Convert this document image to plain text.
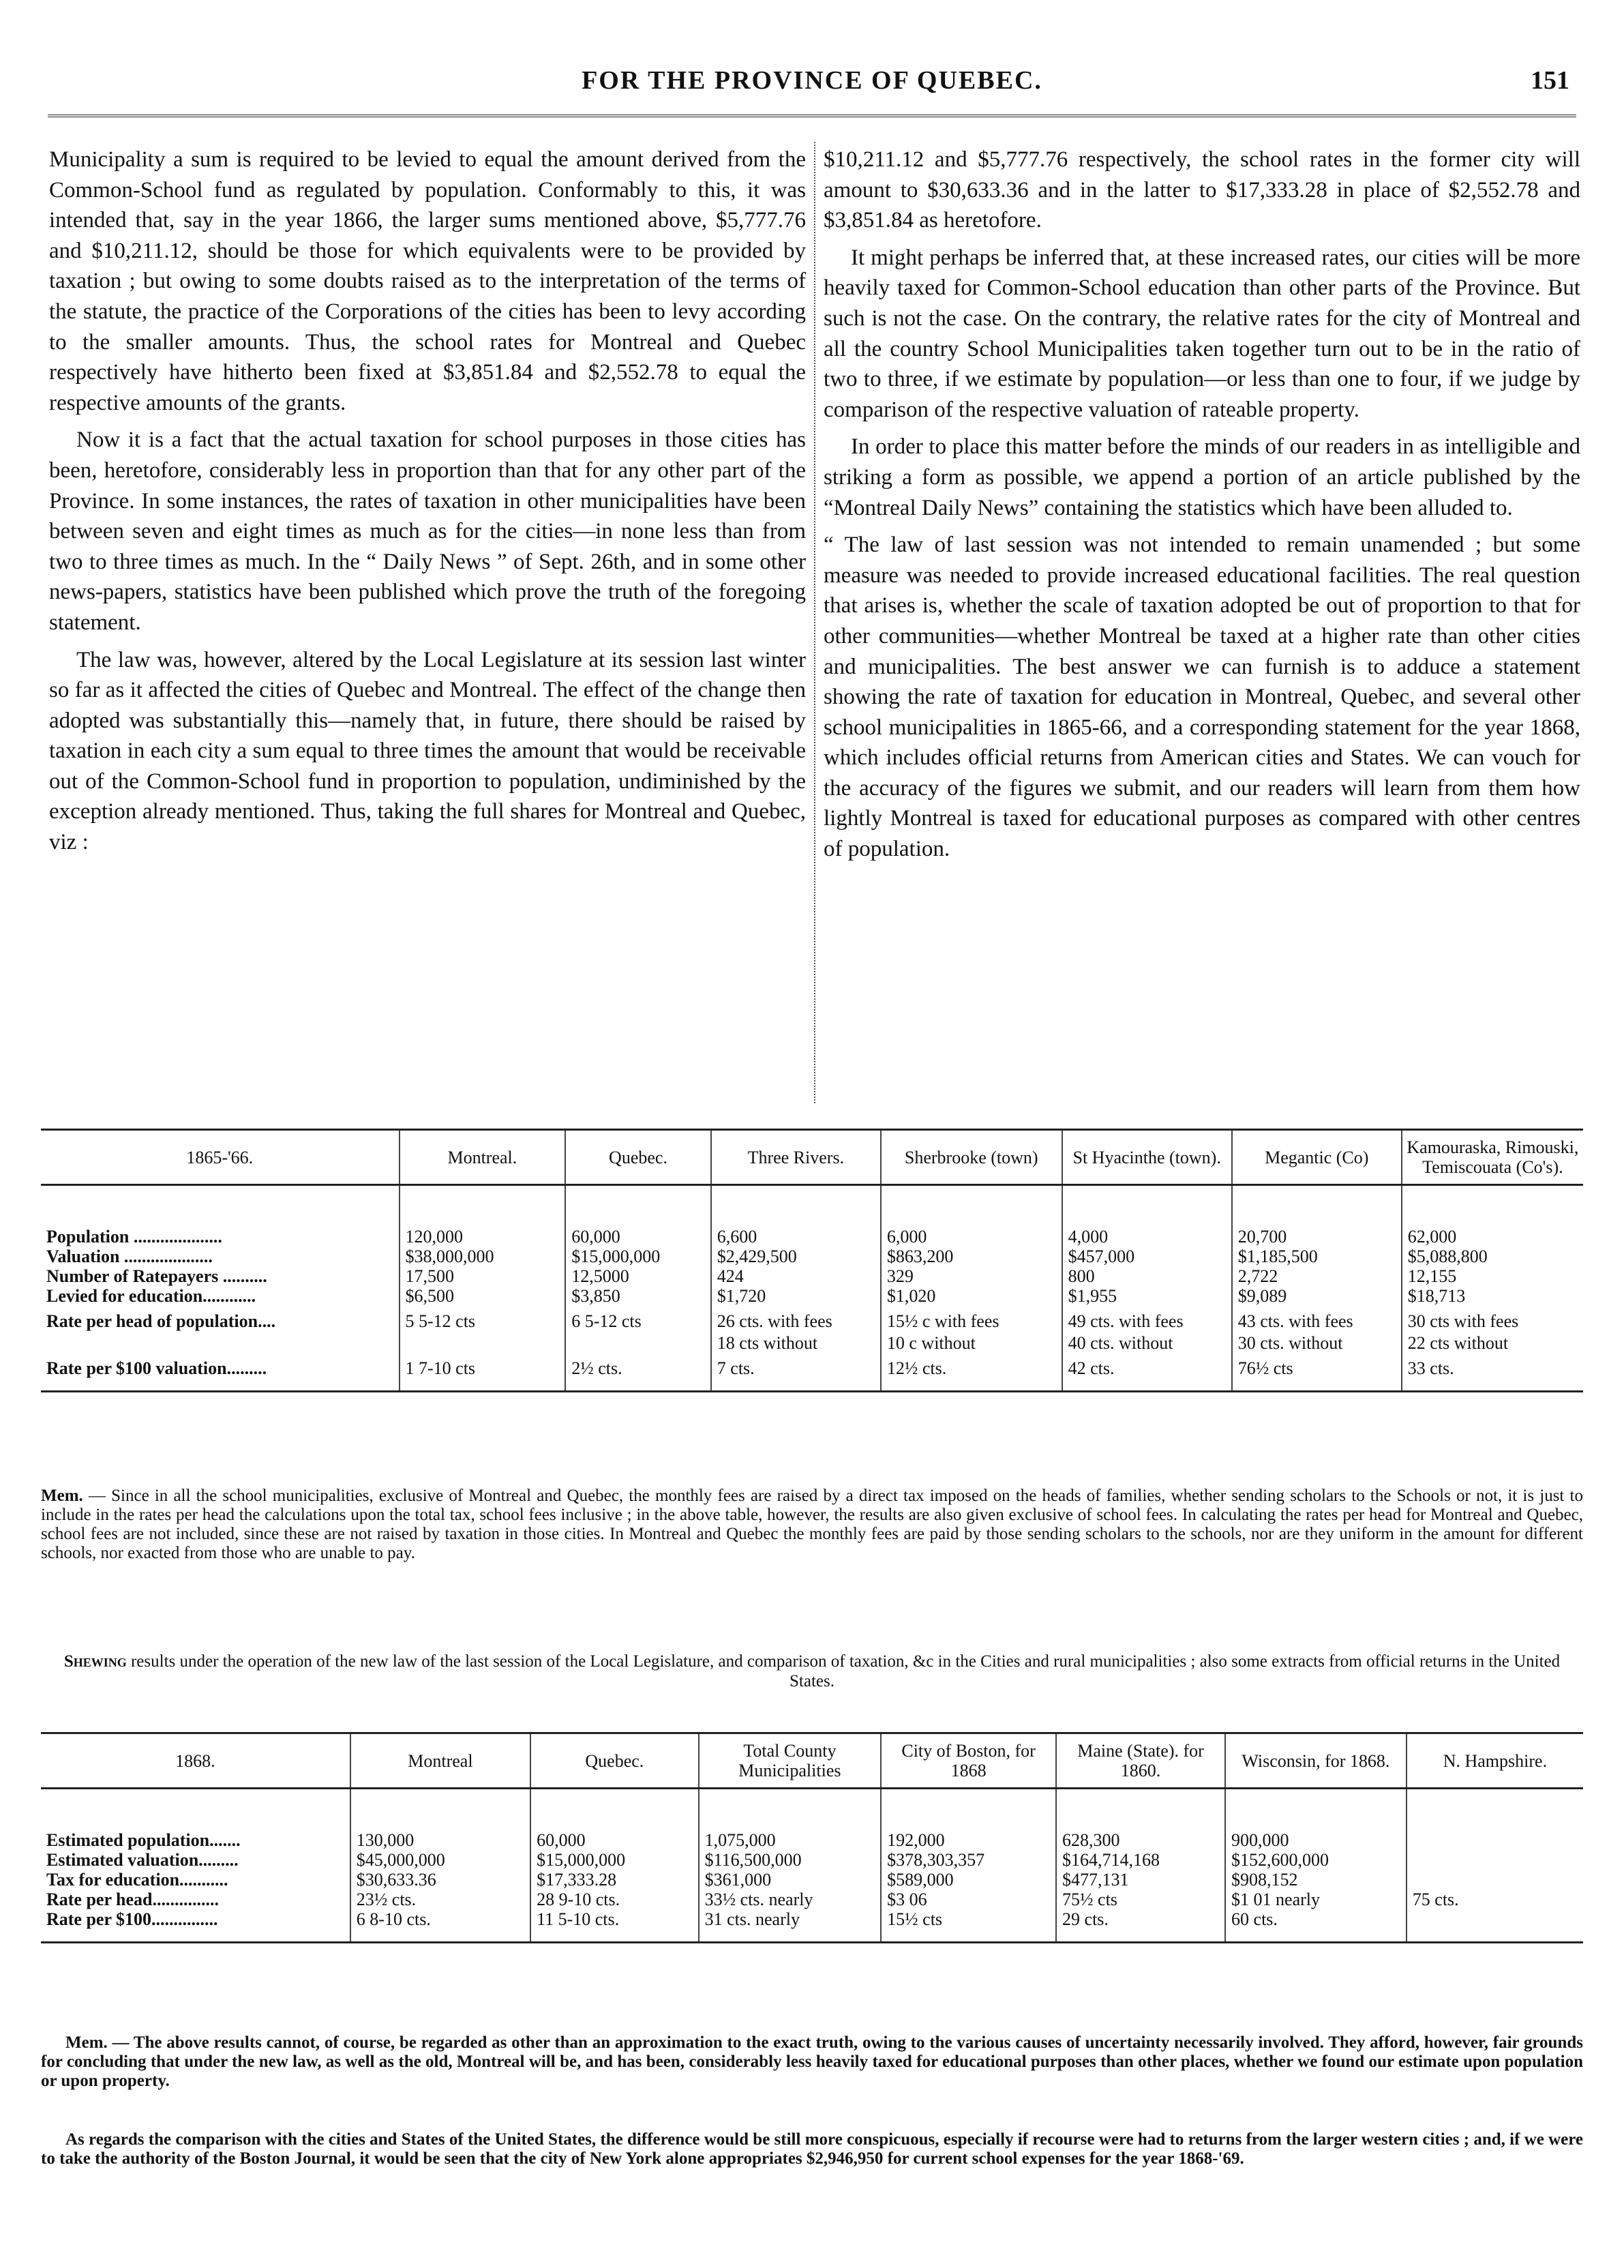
FOR THE PROVINCE OF QUEBEC.	151

Municipality a sum is required to be levied to equal the amount derived from the Common-School fund as regulated by population. Conformably to this, it was intended that, say in the year 1866, the larger sums mentioned above, $5,777.76 and $10,211.12, should be those for which equivalents were to be provided by taxation ; but owing to some doubts raised as to the interpretation of the terms of the statute, the practice of the Corporations of the cities has been to levy according to the smaller amounts. Thus, the school rates for Montreal and Quebec respectively have hitherto been fixed at $3,851.84 and $2,552.78 to equal the respective amounts of the grants.

Now it is a fact that the actual taxation for school purposes in those cities has been, heretofore, considerably less in proportion than that for any other part of the Province. In some instances, the rates of taxation in other municipalities have been between seven and eight times as much as for the cities—in none less than from two to three times as much. In the “ Daily News ” of Sept. 26th, and in some other news-papers, statistics have been published which prove the truth of the foregoing statement.

The law was, however, altered by the Local Legislature at its session last winter so far as it affected the cities of Quebec and Montreal. The effect of the change then adopted was substantially this—namely that, in future, there should be raised by taxation in each city a sum equal to three times the amount that would be receivable out of the Common-School fund in proportion to population, undiminished by the exception already mentioned. Thus, taking the full shares for Montreal and Quebec, viz :

$10,211.12 and $5,777.76 respectively, the school rates in the former city will amount to $30,633.36 and in the latter to $17,333.28 in place of $2,552.78 and $3,851.84 as heretofore.

It might perhaps be inferred that, at these increased rates, our cities will be more heavily taxed for Common-School education than other parts of the Province. But such is not the case. On the contrary, the relative rates for the city of Montreal and all the country School Municipalities taken together turn out to be in the ratio of two to three, if we estimate by population—or less than one to four, if we judge by comparison of the respective valuation of rateable property.

In order to place this matter before the minds of our readers in as intelligible and striking a form as possible, we append a portion of an article published by the “Montreal Daily News” containing the statistics which have been alluded to.

“ The law of last session was not intended to remain unamended ; but some measure was needed to provide increased educational facilities. The real question that arises is, whether the scale of taxation adopted be out of proportion to that for other communities—whether Montreal be taxed at a higher rate than other cities and municipalities. The best answer we can furnish is to adduce a statement showing the rate of taxation for education in Montreal, Quebec, and several other school municipalities in 1865-66, and a corresponding statement for the year 1868, which includes official returns from American cities and States. We can vouch for the accuracy of the figures we submit, and our readers will learn from them how lightly Montreal is taxed for educational purposes as compared with other centres of population.

1865-'66.	Montreal.	Quebec.	Three Rivers.	Sherbrooke (town)	St Hyacinthe (town).	Megantic (Co)	Kamouraska, Rimouski, Temiscouata (Co's).

Population ....................	120,000	60,000	6,600	6,000	4,000	20,700	62,000
Valuation ....................	$38,000,000	$15,000,000	$2,429,500	$863,200	$457,000	$1,185,500	$5,088,800
Number of Ratepayers ..........	17,500	12,5000	424	329	800	2,722	12,155
Levied for education............	$6,500	$3,850	$1,720	$1,020	$1,955	$9,089	$18,713
Rate per head of population....	5 5-12 cts	6 5-12 cts	26 cts. with fees	15½ c with fees	49 cts. with fees	43 cts. with fees	30 cts with fees
			18 cts without	10 c without	40 cts. without	30 cts. without	22 cts without
Rate per $100 valuation.........	1 7-10 cts	2½ cts.	7 cts.	12½ cts.	42 cts.	76½ cts	33 cts.
Mem. — Since in all the school municipalities, exclusive of Montreal and Quebec, the monthly fees are raised by a direct tax imposed on the heads of families, whether sending scholars to the Schools or not, it is just to include in the rates per head the calculations upon the total tax, school fees inclusive ; in the above table, however, the results are also given exclusive of school fees. In calculating the rates per head for Montreal and Quebec, school fees are not included, since these are not raised by taxation in those cities. In Montreal and Quebec the monthly fees are paid by those sending scholars to the schools, nor are they uniform in the amount for different schools, nor exacted from those who are unable to pay.
Shewing results under the operation of the new law of the last session of the Local Legislature, and comparison of taxation, &c in the Cities and rural municipalities ; also some extracts from official returns in the United States.
1868.	Montreal	Quebec.	Total County Municipalities	City of Boston, for 1868	Maine (State). for 1860.	Wisconsin, for 1868.	N. Hampshire.

Estimated population.......	130,000	60,000	1,075,000	192,000	628,300	900,000	
Estimated valuation.........	$45,000,000	$15,000,000	$116,500,000	$378,303,357	$164,714,168	$152,600,000	
Tax for education...........	$30,633.36	$17,333.28	$361,000	$589,000	$477,131	$908,152	
Rate per head...............	23½ cts.	28 9-10 cts.	33½ cts. nearly	$3 06	75½ cts	$1 01 nearly	75 cts.
Rate per $100...............	6 8-10 cts.	11 5-10 cts.	31 cts. nearly	15½ cts	29 cts.	60 cts.	

Mem. — The above results cannot, of course, be regarded as other than an approximation to the exact truth, owing to the various causes of uncertainty necessarily involved. They afford, however, fair grounds for concluding that under the new law, as well as the old, Montreal will be, and has been, considerably less heavily taxed for educational purposes than other places, whether we found our estimate upon population or upon property.

As regards the comparison with the cities and States of the United States, the difference would be still more conspicuous, especially if recourse were had to returns from the larger western cities ; and, if we were to take the authority of the Boston Journal, it would be seen that the city of New York alone appropriates $2,946,950 for current school expenses for the year 1868-'69.
